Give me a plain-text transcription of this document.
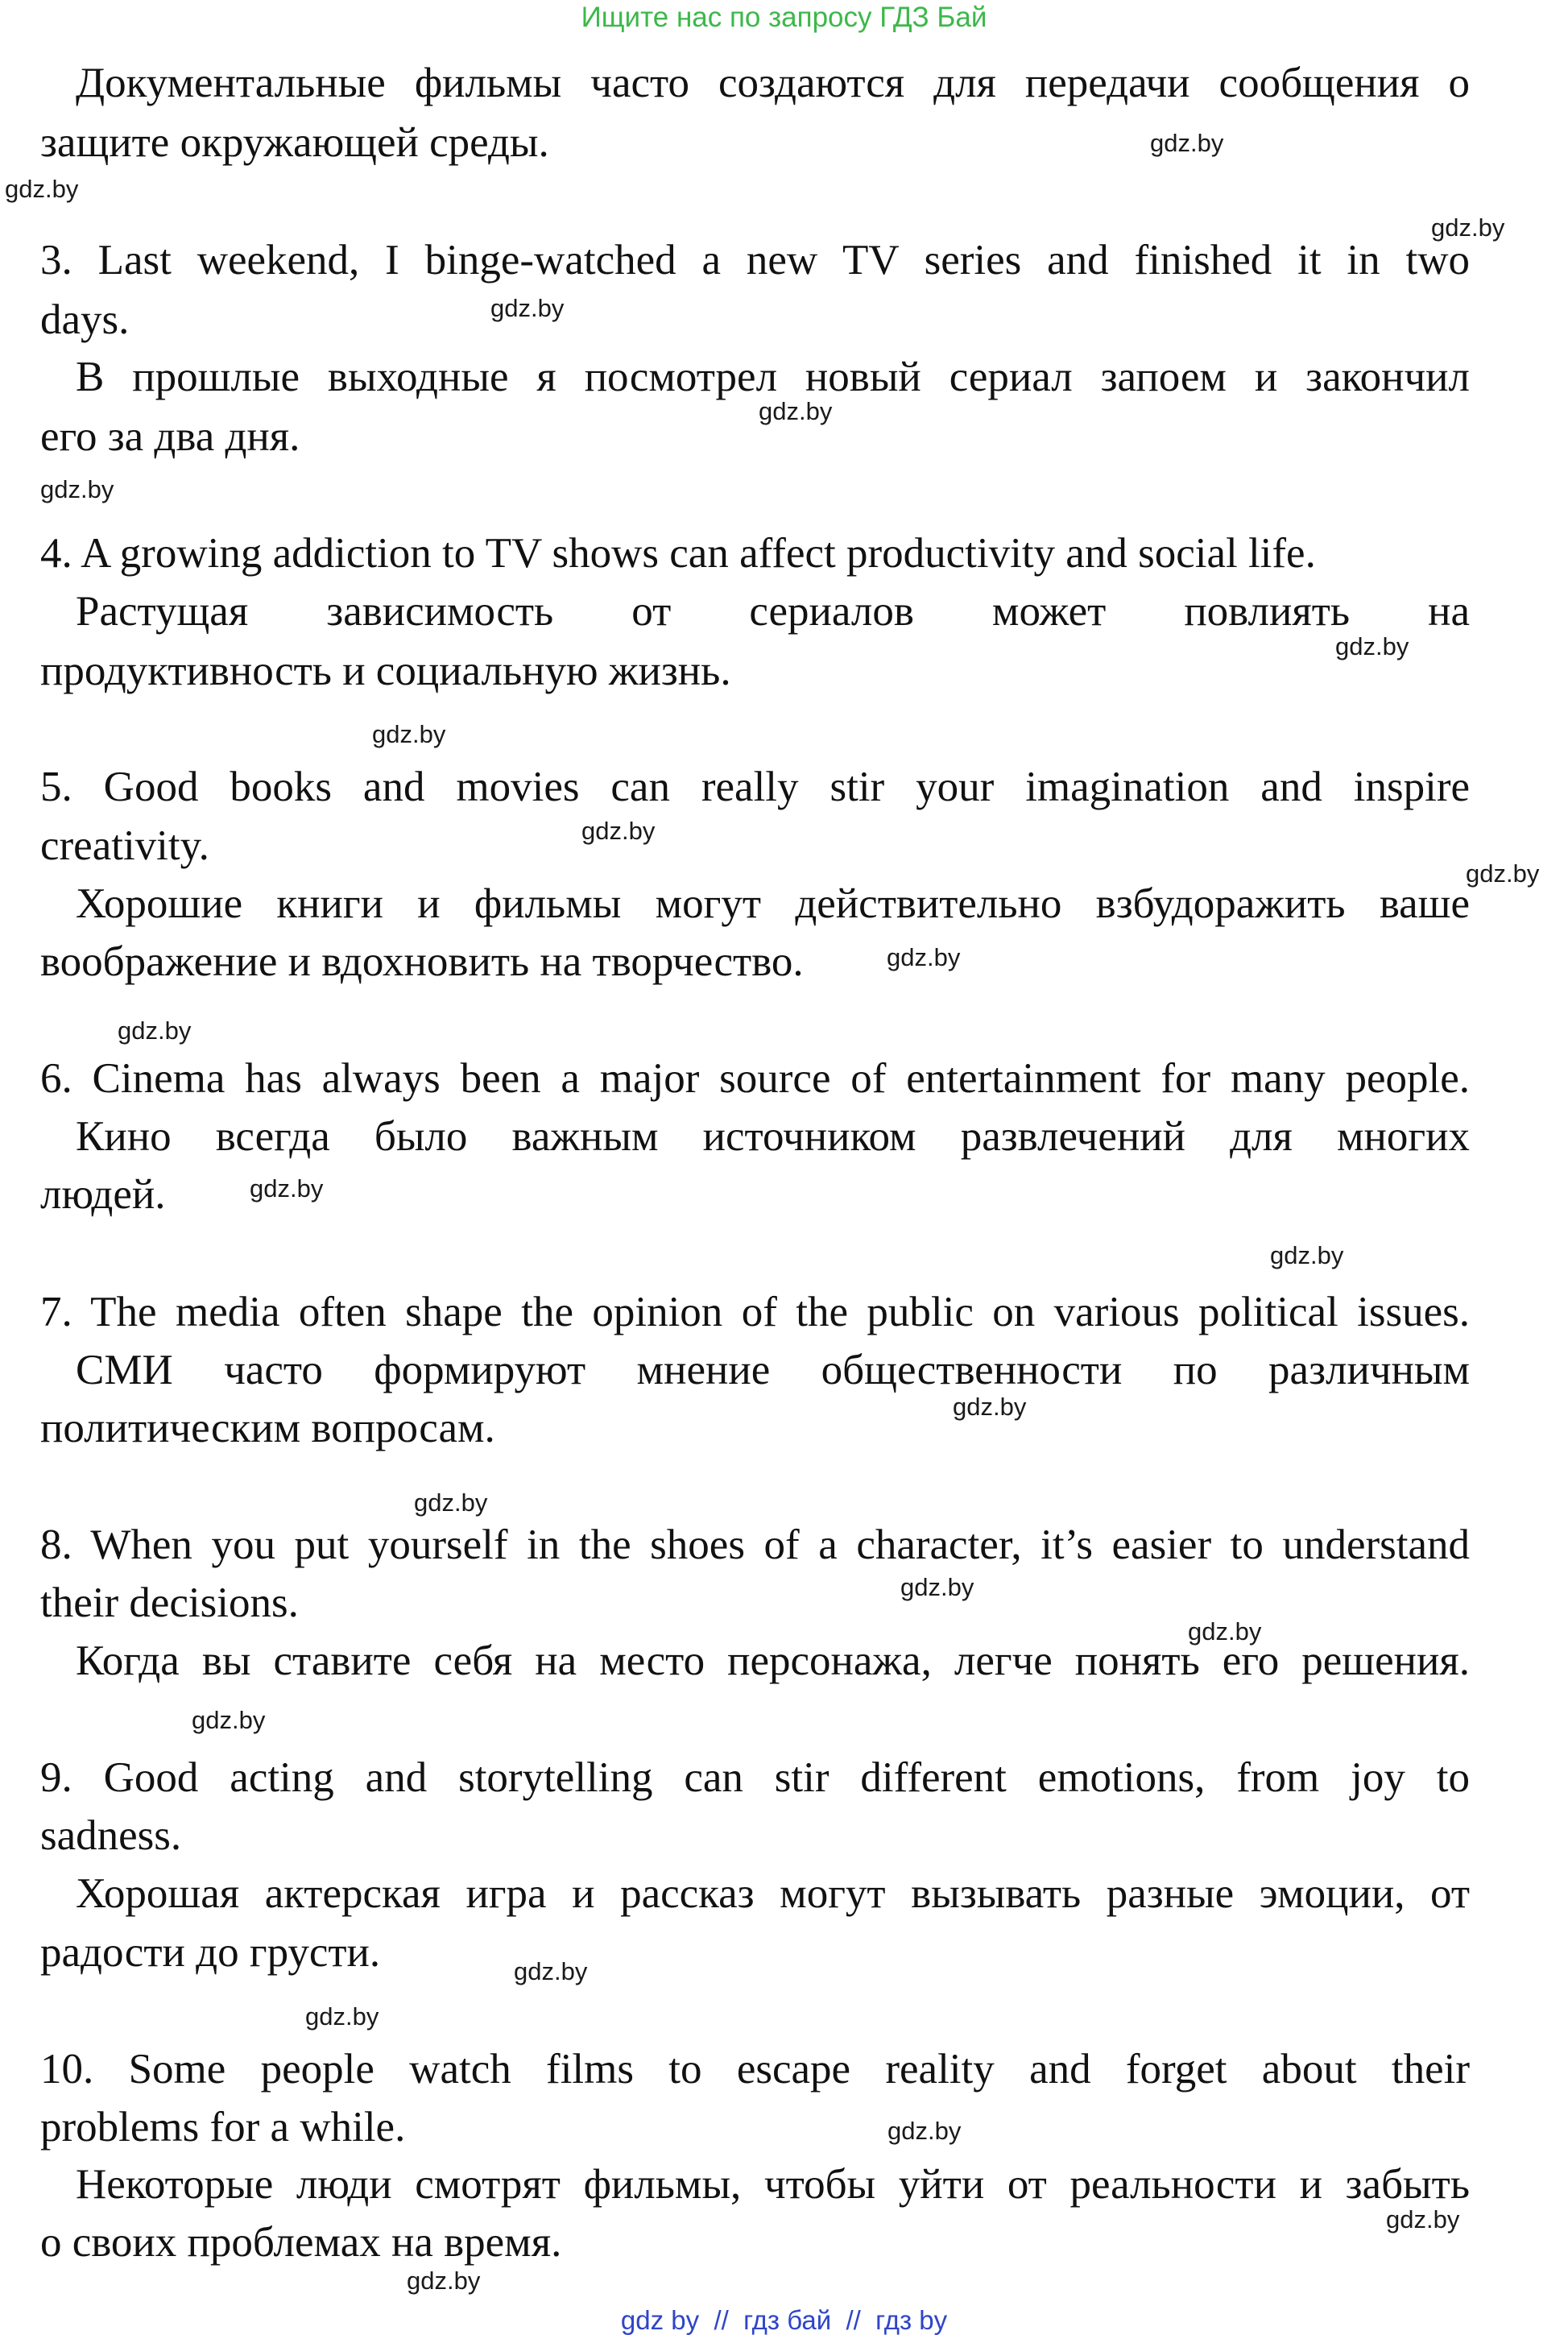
Ищите нас по запросу ГДЗ Бай
Документальные фильмы часто создаются для передачи сообщения о
защите окружающей среды.
3. Last weekend, I binge-watched a new TV series and finished it in two
days.
В прошлые выходные я посмотрел новый сериал запоем и закончил
его за два дня.
4. A growing addiction to TV shows can affect productivity and social life.
Растущая зависимость от сериалов может повлиять на
продуктивность и социальную жизнь.
5. Good books and movies can really stir your imagination and inspire
creativity.
Хорошие книги и фильмы могут действительно взбудоражить ваше
воображение и вдохновить на творчество.
6. Cinema has always been a major source of entertainment for many people.
Кино всегда было важным источником развлечений для многих
людей.
7. The media often shape the opinion of the public on various political issues.
СМИ часто формируют мнение общественности по различным
политическим вопросам.
8. When you put yourself in the shoes of a character, it’s easier to understand
their decisions.
Когда вы ставите себя на место персонажа, легче понять его решения.
9. Good acting and storytelling can stir different emotions, from joy to
sadness.
Хорошая актерская игра и рассказ могут вызывать разные эмоции, от
радости до грусти.
10. Some people watch films to escape reality and forget about their
problems for a while.
Некоторые люди смотрят фильмы, чтобы уйти от реальности и забыть
о своих проблемах на время.
gdz.by
gdz.by
gdz.by
gdz.by
gdz.by
gdz.by
gdz.by
gdz.by
gdz.by
gdz.by
gdz.by
gdz.by
gdz.by
gdz.by
gdz.by
gdz.by
gdz.by
gdz.by
gdz.by
gdz.by
gdz.by
gdz.by
gdz.by
gdz.by
gdz by  //  гдз бай  //  гдз by
